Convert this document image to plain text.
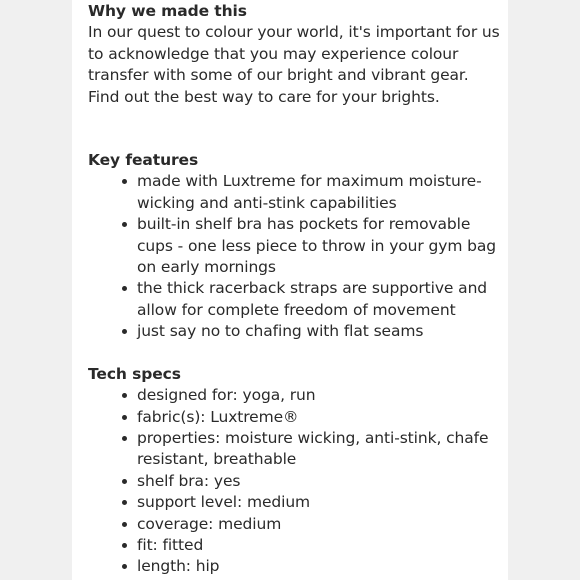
Why we made this

In our quest to colour your world, it's important for us to acknowledge that you may experience colour transfer with some of our bright and vibrant gear.

Find out the best way to care for your brights.

Key features
made with Luxtreme for maximum moisture-wicking and anti-stink capabilities
built-in shelf bra has pockets for removable cups - one less piece to throw in your gym bag on early mornings
the thick racerback straps are supportive and allow for complete freedom of movement
just say no to chafing with flat seams
Tech specs
designed for: yoga, run
fabric(s): Luxtreme®
properties: moisture wicking, anti-stink, chafe resistant, breathable
shelf bra: yes
support level: medium
coverage: medium
fit: fitted
length: hip
